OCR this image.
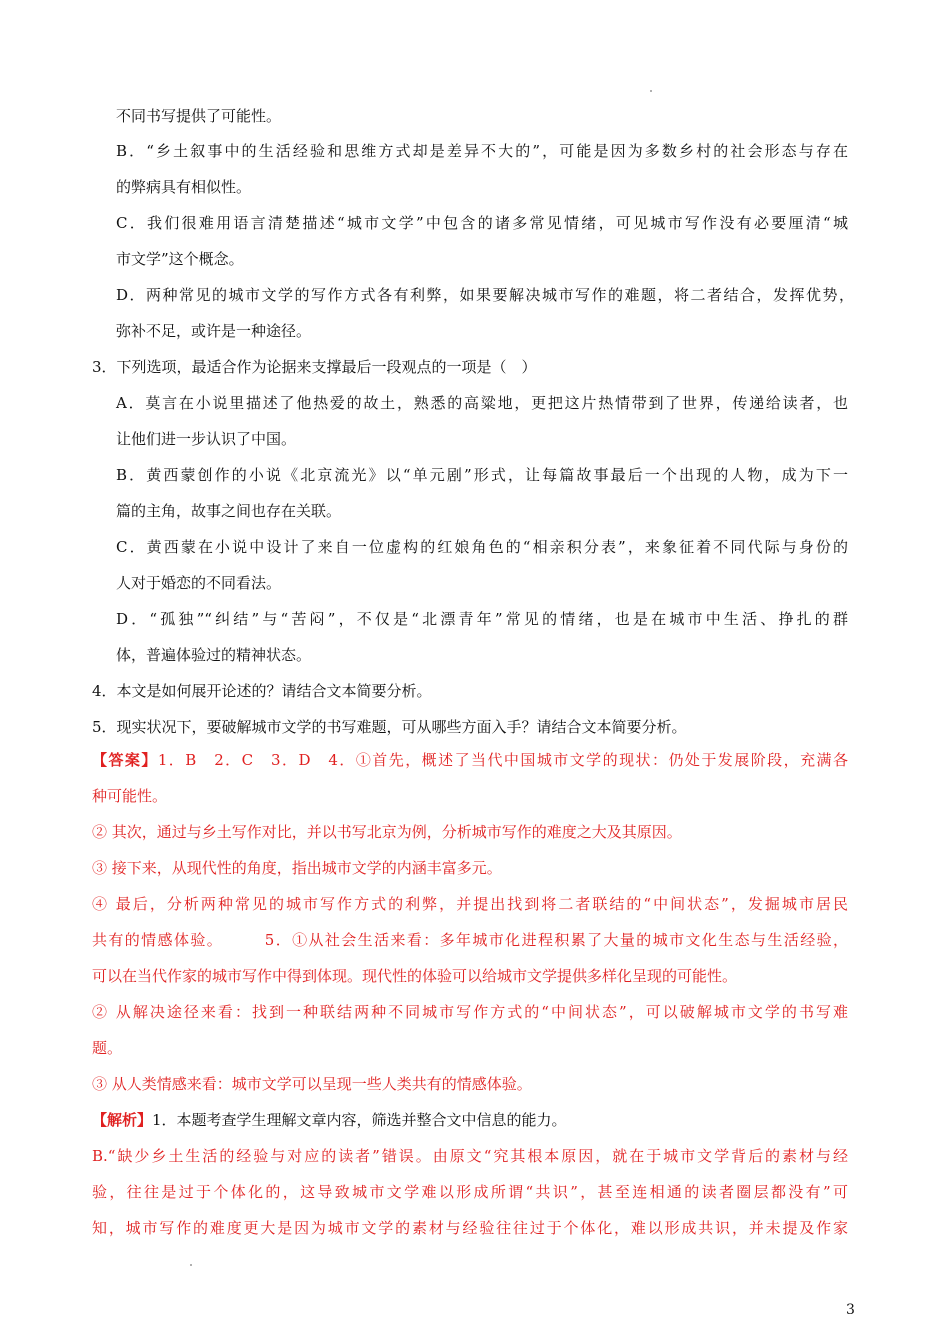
不同书写提供了可能性。
B．“乡土叙事中的生活经验和思维方式却是差异不大的”，可能是因为多数乡村的社会形态与存在
的弊病具有相似性。
C．我们很难用语言清楚描述“城市文学”中包含的诸多常见情绪，可见城市写作没有必要厘清“城
市文学”这个概念。
D．两种常见的城市文学的写作方式各有利弊，如果要解决城市写作的难题，将二者结合，发挥优势，
弥补不足，或许是一种途径。
3．下列选项，最适合作为论据来支撑最后一段观点的一项是（　）
A．莫言在小说里描述了他热爱的故土，熟悉的高粱地，更把这片热情带到了世界，传递给读者，也
让他们进一步认识了中国。
B．黄西蒙创作的小说《北京流光》以“单元剧”形式，让每篇故事最后一个出现的人物，成为下一
篇的主角，故事之间也存在关联。
C．黄西蒙在小说中设计了来自一位虚构的红娘角色的“相亲积分表”，来象征着不同代际与身份的
人对于婚恋的不同看法。
D．“孤独”“纠结”与“苦闷”，不仅是“北漂青年”常见的情绪，也是在城市中生活、挣扎的群
体，普遍体验过的精神状态。
4．本文是如何展开论述的？请结合文本简要分析。
5．现实状况下，要破解城市文学的书写难题，可从哪些方面入手？请结合文本简要分析。
【答案】1．B　2．C　3．D　4．①首先，概述了当代中国城市文学的现状：仍处于发展阶段，充满各
种可能性。
② 其次，通过与乡土写作对比，并以书写北京为例，分析城市写作的难度之大及其原因。
③ 接下来，从现代性的角度，指出城市文学的内涵丰富多元。
④ 最后，分析两种常见的城市写作方式的利弊，并提出找到将二者联结的“中间状态”，发掘城市居民
共有的情感体验。　　　5．①从社会生活来看：多年城市化进程积累了大量的城市文化生态与生活经验，
可以在当代作家的城市写作中得到体现。现代性的体验可以给城市文学提供多样化呈现的可能性。
② 从解决途径来看：找到一种联结两种不同城市写作方式的“中间状态”，可以破解城市文学的书写难
题。
③ 从人类情感来看：城市文学可以呈现一些人类共有的情感体验。
【解析】1．本题考查学生理解文章内容，筛选并整合文中信息的能力。
B.“缺少乡土生活的经验与对应的读者”错误。由原文“究其根本原因，就在于城市文学背后的素材与经
验，往往是过于个体化的，这导致城市文学难以形成所谓“共识”，甚至连相通的读者圈层都没有”可
知，城市写作的难度更大是因为城市文学的素材与经验往往过于个体化，难以形成共识，并未提及作家
3
